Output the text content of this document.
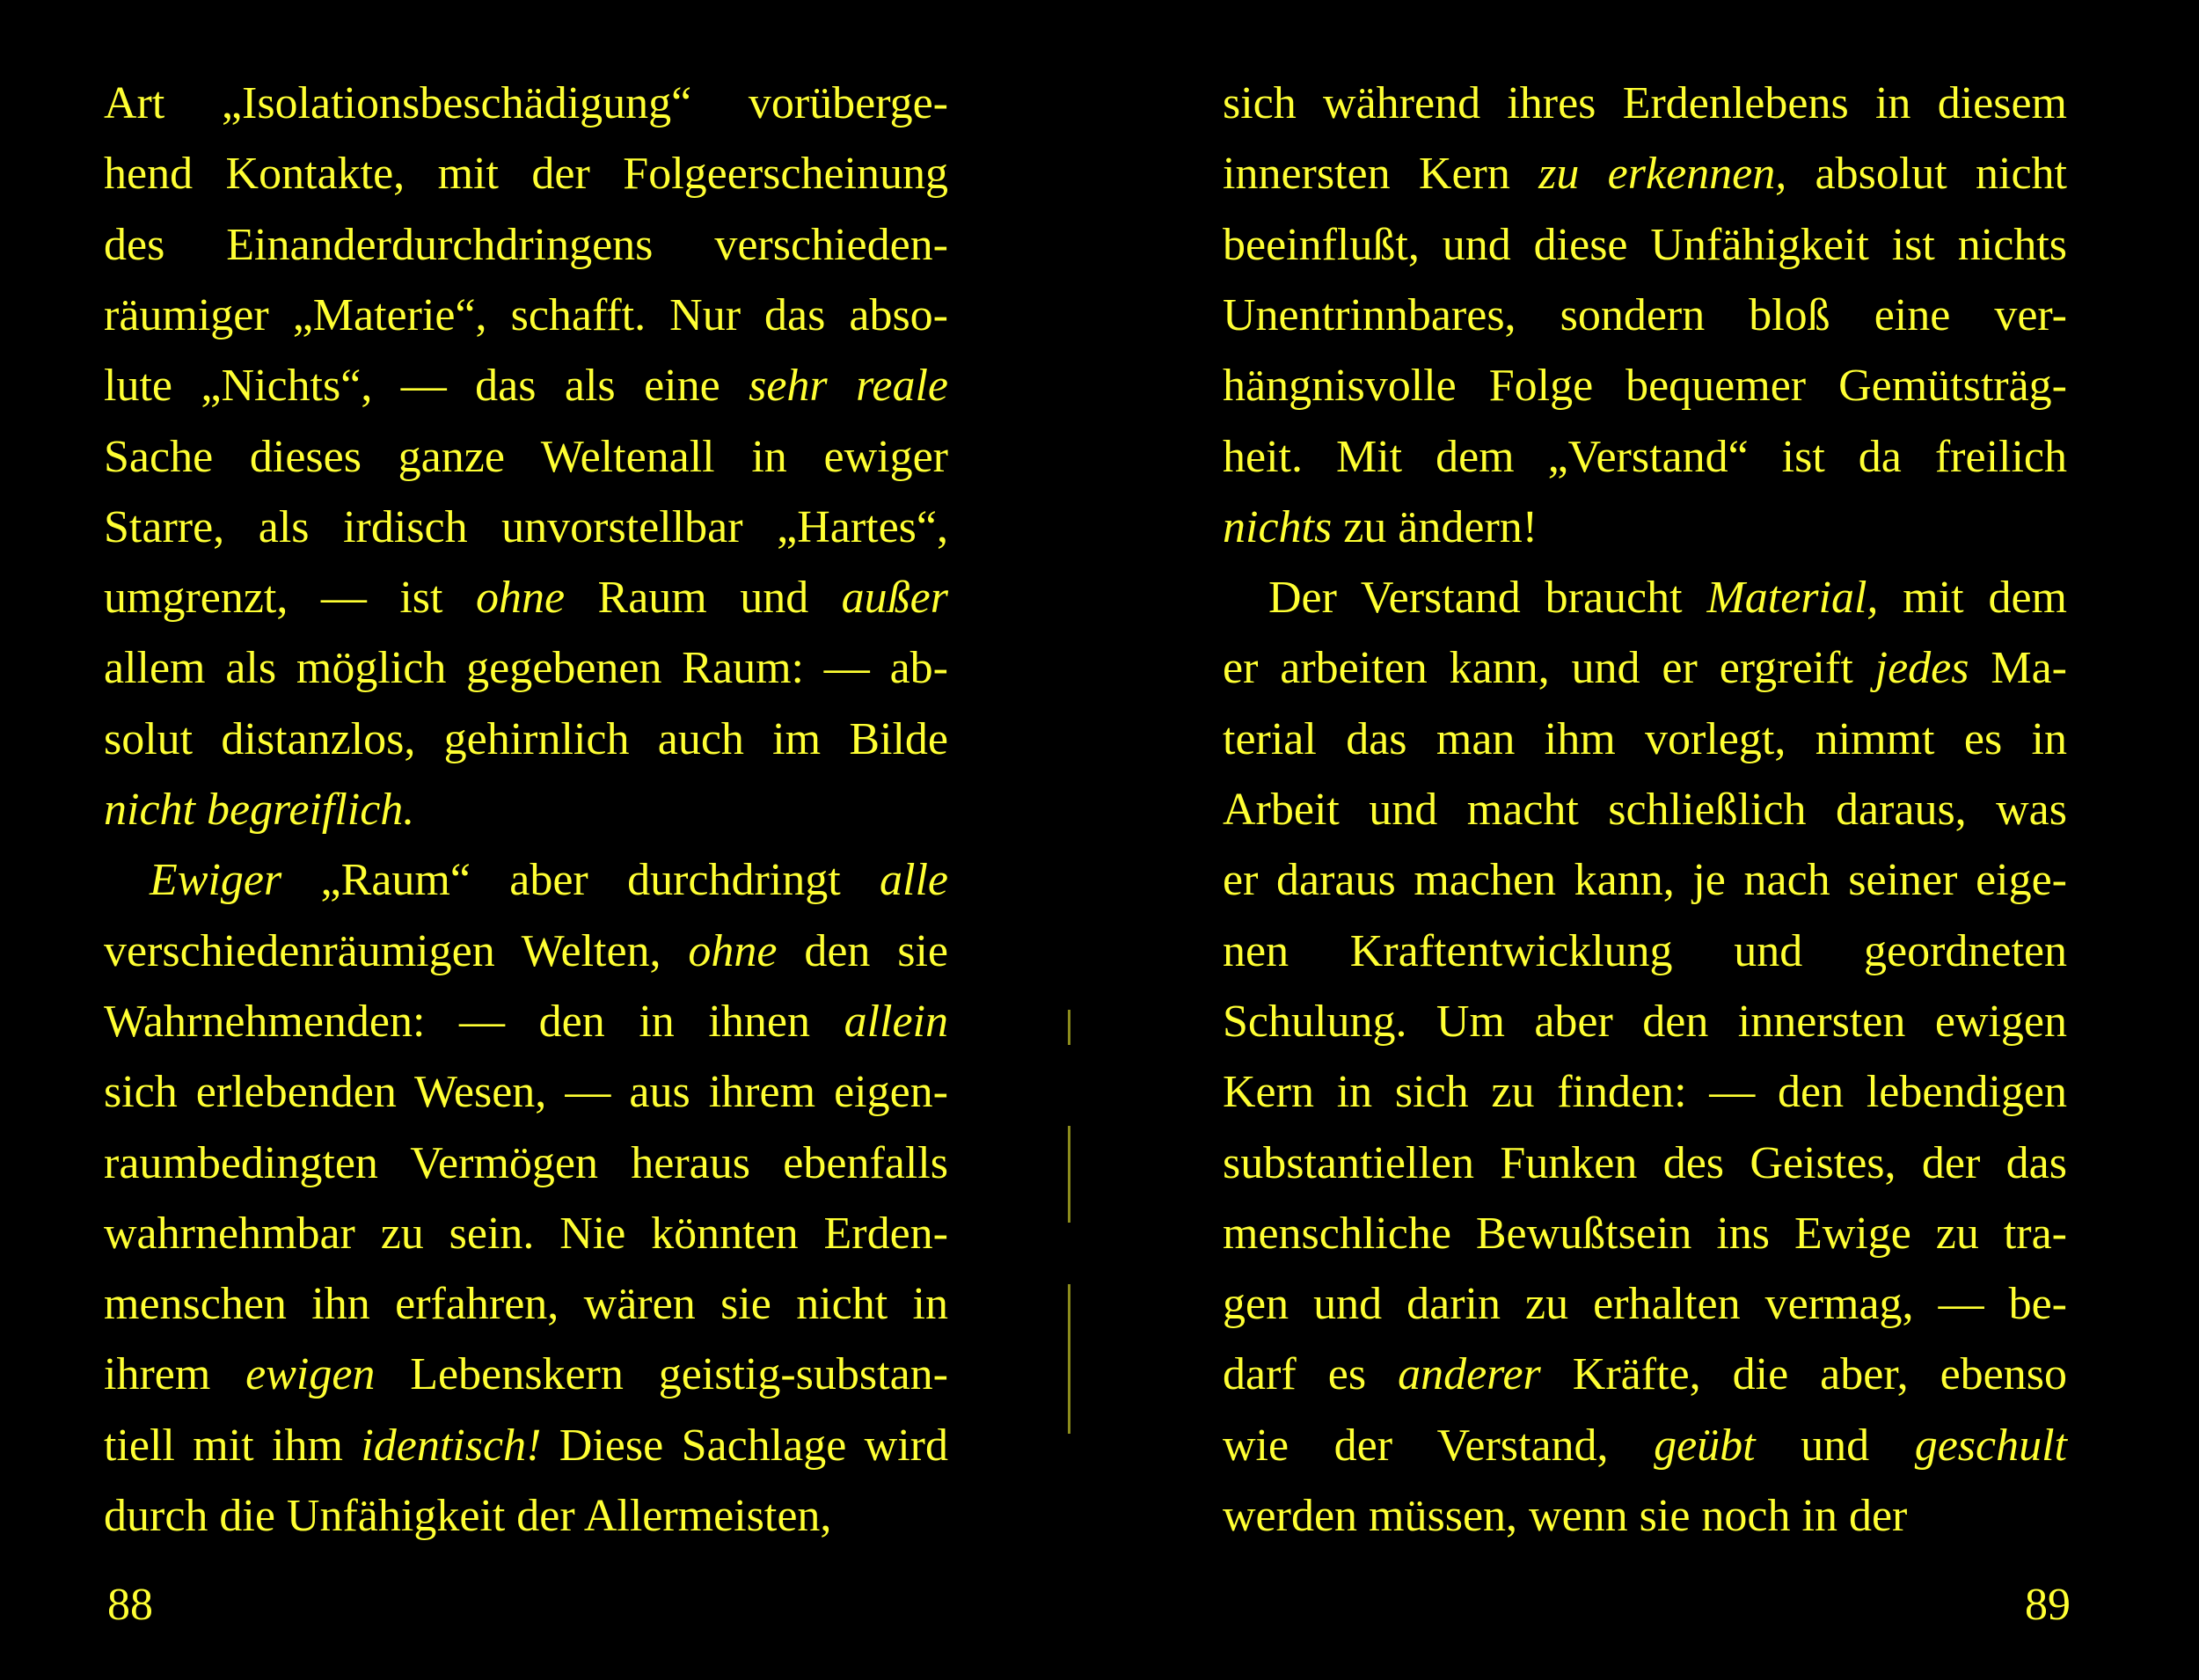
Art „Isolationsbeschädigung“ vorüberge-
hend Kontakte, mit der Folgeerscheinung
des Einanderdurchdringens verschieden-
räumiger „Materie“, schafft. Nur das abso-
lute „Nichts“, — das als eine sehr reale
Sache dieses ganze Weltenall in ewiger
Starre, als irdisch unvorstellbar „Hartes“,
umgrenzt, — ist ohne Raum und außer
allem als möglich gegebenen Raum: — ab-
solut distanzlos, gehirnlich auch im Bilde
nicht begreiflich.
Ewiger „Raum“ aber durchdringt alle
verschiedenräumigen Welten, ohne den sie
Wahrnehmenden: — den in ihnen allein
sich erlebenden Wesen, — aus ihrem eigen-
raumbedingten Vermögen heraus ebenfalls
wahrnehmbar zu sein. Nie könnten Erden-
menschen ihn erfahren, wären sie nicht in
ihrem ewigen Lebenskern geistig-substan-
tiell mit ihm identisch! Diese Sachlage wird
durch die Unfähigkeit der Allermeisten,
sich während ihres Erdenlebens in diesem
innersten Kern zu erkennen, absolut nicht
beeinflußt, und diese Unfähigkeit ist nichts
Unentrinnbares, sondern bloß eine ver-
hängnisvolle Folge bequemer Gemütsträg-
heit. Mit dem „Verstand“ ist da freilich
nichts zu ändern!
Der Verstand braucht Material, mit dem
er arbeiten kann, und er ergreift jedes Ma-
terial das man ihm vorlegt, nimmt es in
Arbeit und macht schließlich daraus, was
er daraus machen kann, je nach seiner eige-
nen Kraftentwicklung und geordneten
Schulung. Um aber den innersten ewigen
Kern in sich zu finden: — den lebendigen
substantiellen Funken des Geistes, der das
menschliche Bewußtsein ins Ewige zu tra-
gen und darin zu erhalten vermag, — be-
darf es anderer Kräfte, die aber, ebenso
wie der Verstand, geübt und geschult
werden müssen, wenn sie noch in der
88	89
